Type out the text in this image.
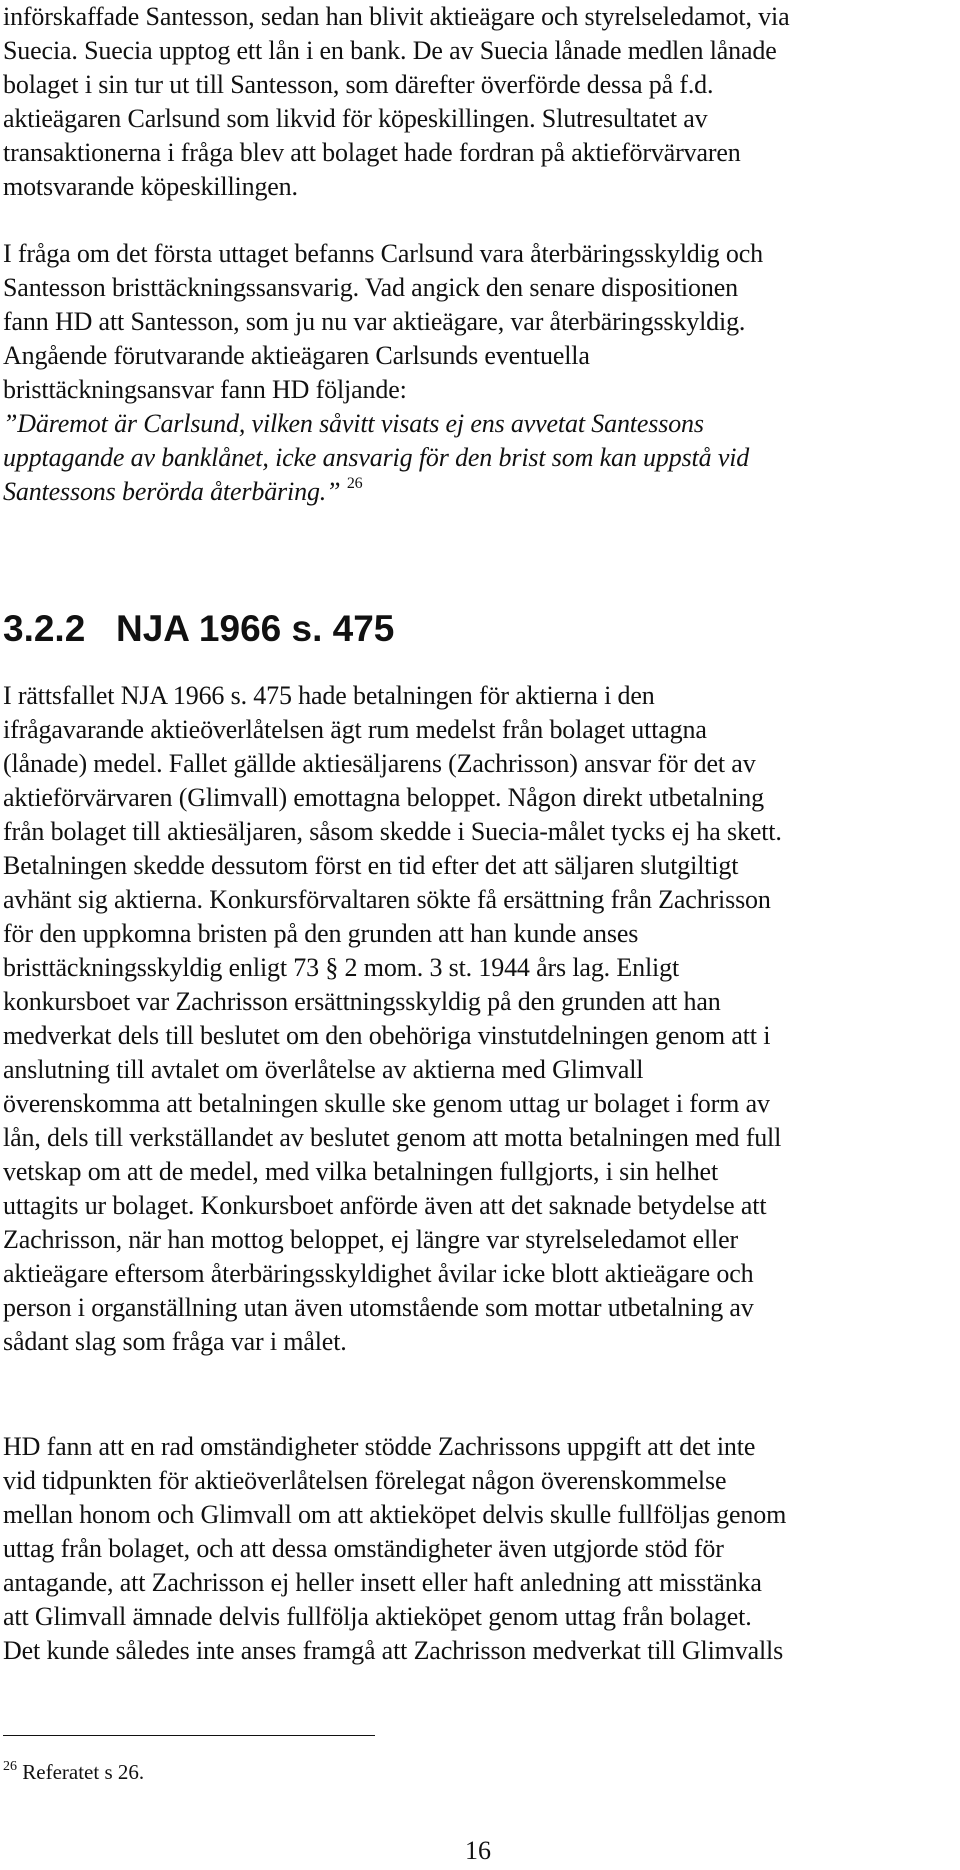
införskaffade Santesson, sedan han blivit aktieägare och styrelseledamot, via
Suecia. Suecia upptog ett lån i en bank. De av Suecia lånade medlen lånade
bolaget i sin tur ut till Santesson, som därefter överförde dessa på f.d.
aktieägaren Carlsund som likvid för köpeskillingen. Slutresultatet av
transaktionerna i fråga blev att bolaget hade fordran på aktieförvärvaren
motsvarande köpeskillingen.
I fråga om det första uttaget befanns Carlsund vara återbäringsskyldig och
Santesson bristtäckningssansvarig. Vad angick den senare dispositionen
fann HD att Santesson, som ju nu var aktieägare, var återbäringsskyldig.
Angående förutvarande aktieägaren Carlsunds eventuella
bristtäckningsansvar fann HD följande:
”Däremot är Carlsund, vilken såvitt visats ej ens avvetat Santessons
upptagande av banklånet, icke ansvarig för den brist som kan uppstå vid
Santessons berörda återbäring.” $^{26}$
3.2.2 NJA 1966 s. 475
I rättsfallet NJA 1966 s. 475 hade betalningen för aktierna i den
ifrågavarande aktieöverlåtelsen ägt rum medelst från bolaget uttagna
(lånade) medel. Fallet gällde aktiesäljarens (Zachrisson) ansvar för det av
aktieförvärvaren (Glimvall) emottagna beloppet. Någon direkt utbetalning
från bolaget till aktiesäljaren, såsom skedde i Suecia-målet tycks ej ha skett.
Betalningen skedde dessutom först en tid efter det att säljaren slutgiltigt
avhänt sig aktierna. Konkursförvaltaren sökte få ersättning från Zachrisson
för den uppkomna bristen på den grunden att han kunde anses
bristtäckningsskyldig enligt 73 § 2 mom. 3 st. 1944 års lag. Enligt
konkursboet var Zachrisson ersättningsskyldig på den grunden att han
medverkat dels till beslutet om den obehöriga vinstutdelningen genom att i
anslutning till avtalet om överlåtelse av aktierna med Glimvall
överenskomma att betalningen skulle ske genom uttag ur bolaget i form av
lån, dels till verkställandet av beslutet genom att motta betalningen med full
vetskap om att de medel, med vilka betalningen fullgjorts, i sin helhet
uttagits ur bolaget. Konkursboet anförde även att det saknade betydelse att
Zachrisson, när han mottog beloppet, ej längre var styrelseledamot eller
aktieägare eftersom återbäringsskyldighet åvilar icke blott aktieägare och
person i organställning utan även utomstående som mottar utbetalning av
sådant slag som fråga var i målet.
HD fann att en rad omständigheter stödde Zachrissons uppgift att det inte
vid tidpunkten för aktieöverlåtelsen förelegat någon överenskommelse
mellan honom och Glimvall om att aktieköpet delvis skulle fullföljas genom
uttag från bolaget, och att dessa omständigheter även utgjorde stöd för
antagande, att Zachrisson ej heller insett eller haft anledning att misstänka
att Glimvall ämnade delvis fullfölja aktieköpet genom uttag från bolaget.
Det kunde således inte anses framgå att Zachrisson medverkat till Glimvalls
$^{26}$ Referatet s 26.
16
